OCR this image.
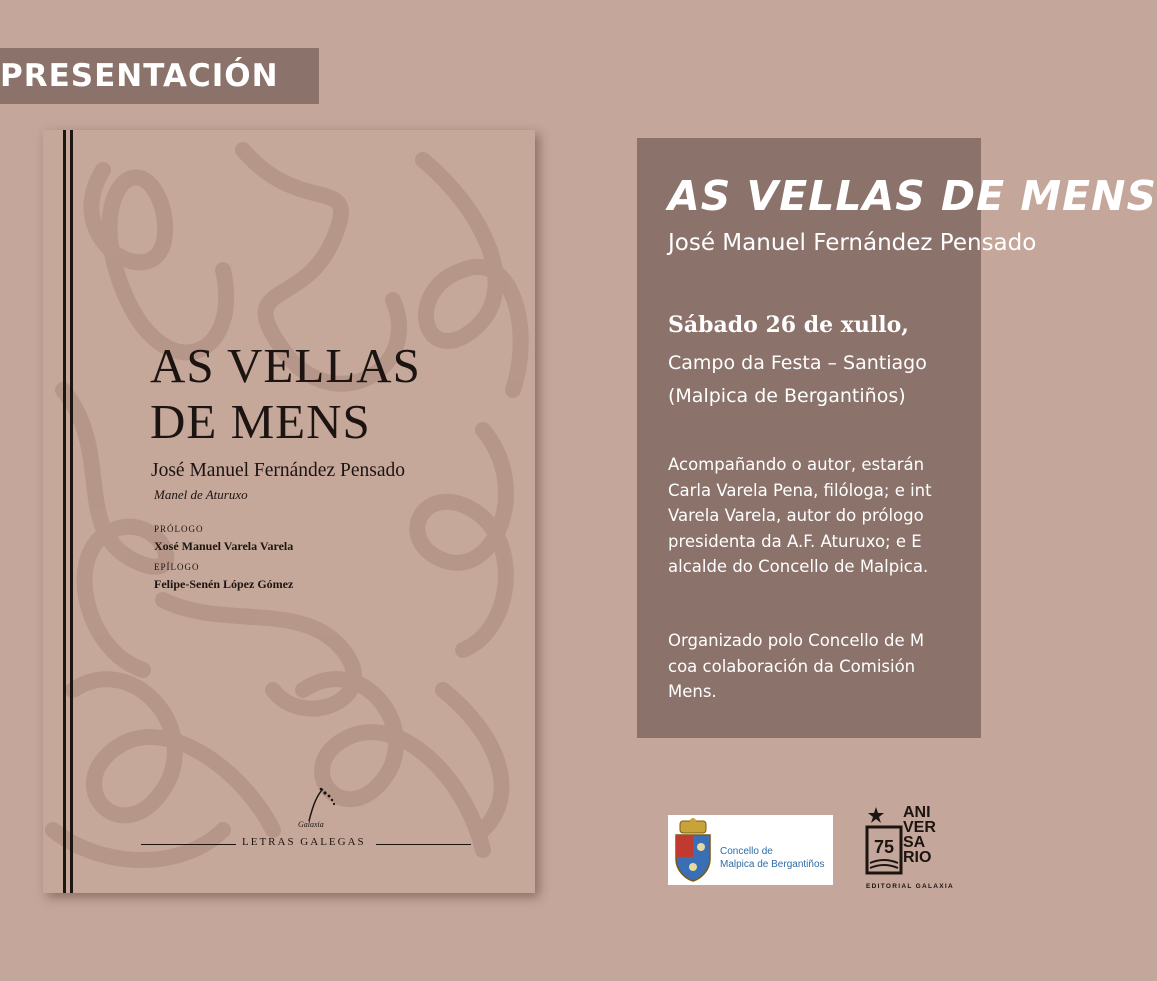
PRESENTACIÓN
AS VELLAS
DE MENS
José Manuel Fernández Pensado
Manel de Aturuxo
PRÓLOGO
Xosé Manuel Varela Varela
EPÍLOGO
Felipe-Senén López Gómez
Galaxia
LETRAS GALEGAS
AS VELLAS DE MENS
José Manuel Fernández Pensado
Sábado 26 de xullo,
Campo da Festa – Santiago
(Malpica de Bergantiños)
Acompañando o autor, estarán
Carla Varela Pena, filóloga; e int
Varela Varela, autor do prólogo
presidenta da A.F. Aturuxo; e E
alcalde do Concello de Malpica.
Organizado polo Concello de M
coa colaboración da Comisión
Mens.
Concello de
Malpica de Bergantiños
75
ANI
VER
SA
RIO
EDITORIAL GALAXIA
